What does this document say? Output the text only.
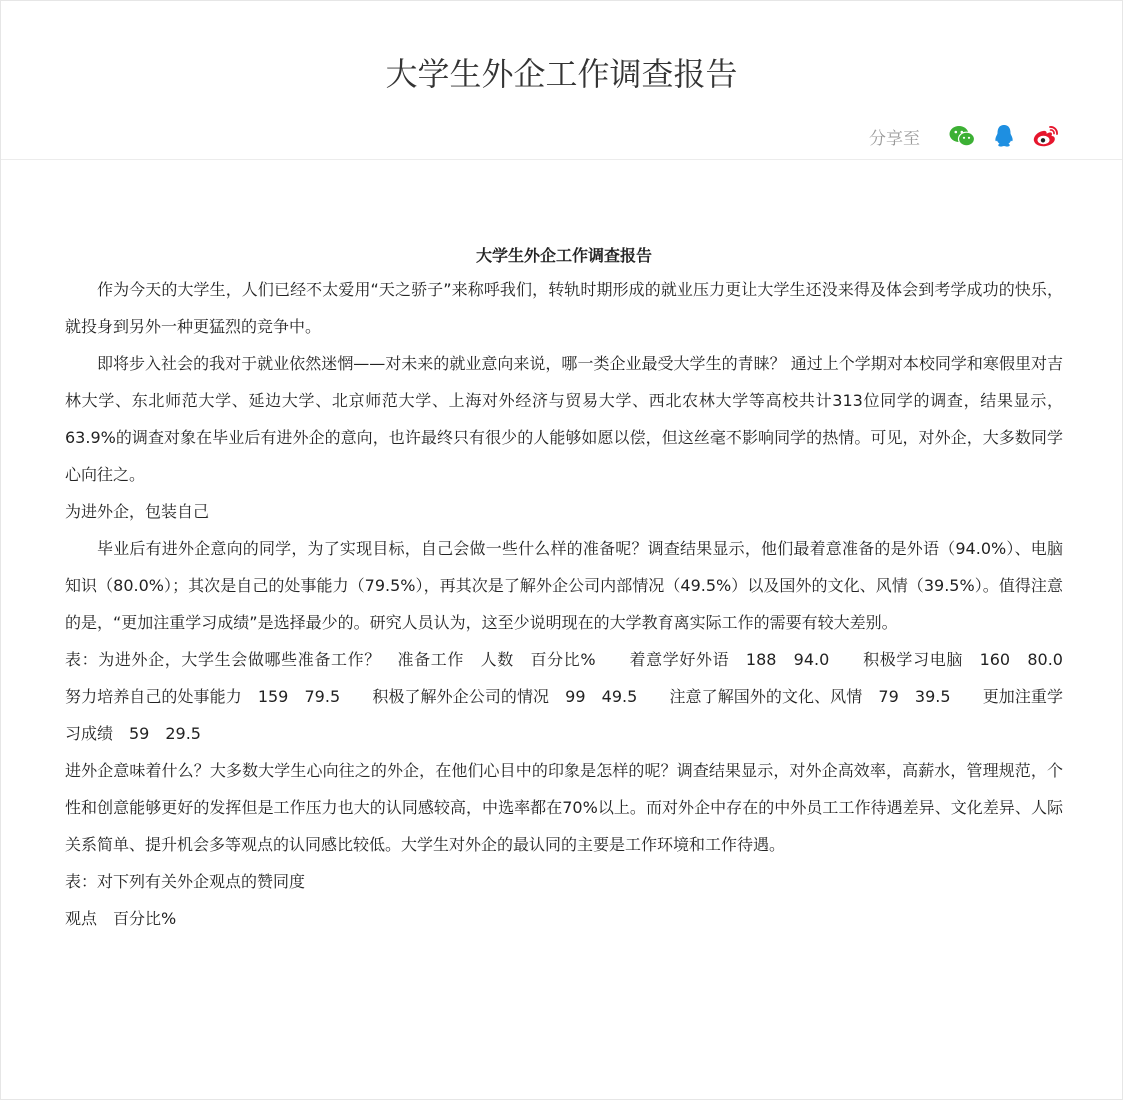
大学生外企工作调查报告
分享至

大学生外企工作调查报告

作为今天的大学生，人们已经不太爱用“天之骄子”来称呼我们，转轨时期形成的就业压力更让大学生还没来得及体会到考学成功的快乐，就投身到另外一种更猛烈的竞争中。

即将步入社会的我对于就业依然迷惘——对未来的就业意向来说，哪一类企业最受大学生的青睐？ 通过上个学期对本校同学和寒假里对吉林大学、东北师范大学、延边大学、北京师范大学、上海对外经济与贸易大学、西北农林大学等高校共计313位同学的调查，结果显示，63.9%的调查对象在毕业后有进外企的意向，也许最终只有很少的人能够如愿以偿，但这丝毫不影响同学的热情。可见，对外企，大多数同学心向往之。

为进外企，包装自己

毕业后有进外企意向的同学，为了实现目标，自己会做一些什么样的准备呢？调查结果显示，他们最着意准备的是外语（94.0%）、电脑知识（80.0%）；其次是自己的处事能力（79.5%），再其次是了解外企公司内部情况（49.5%）以及国外的文化、风情（39.5%）。值得注意的是，“更加注重学习成绩”是选择最少的。研究人员认为，这至少说明现在的大学教育离实际工作的需要有较大差别。

表：为进外企，大学生会做哪些准备工作？　准备工作　人数　百分比%　　着意学好外语　188　94.0　　积极学习电脑　160　80.0　　努力培养自己的处事能力　159　79.5　　积极了解外企公司的情况　99　49.5　　注意了解国外的文化、风情　79　39.5　　更加注重学习成绩　59　29.5

进外企意味着什么？大多数大学生心向往之的外企，在他们心目中的印象是怎样的呢？调查结果显示，对外企高效率，高薪水，管理规范，个性和创意能够更好的发挥但是工作压力也大的认同感较高，中选率都在70%以上。而对外企中存在的中外员工工作待遇差异、文化差异、人际关系简单、提升机会多等观点的认同感比较低。大学生对外企的最认同的主要是工作环境和工作待遇。

表：对下列有关外企观点的赞同度

观点　百分比%
